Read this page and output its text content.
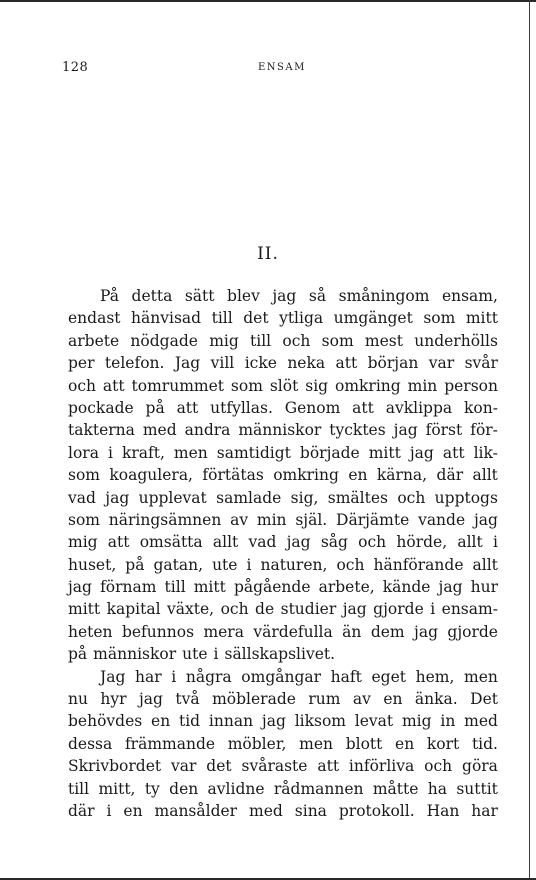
128	ENSAM
II.
På detta sätt blev jag så småningom ensam,
endast hänvisad till det ytliga umgänget som mitt
arbete nödgade mig till och som mest underhölls
per telefon. Jag vill icke neka att början var svår
och att tomrummet som slöt sig omkring min person
pockade på att utfyllas. Genom att avklippa kon-
takterna med andra människor tycktes jag först för-
lora i kraft, men samtidigt började mitt jag att lik-
som koagulera, förtätas omkring en kärna, där allt
vad jag upplevat samlade sig, smältes och upptogs
som näringsämnen av min själ. Därjämte vande jag
mig att omsätta allt vad jag såg och hörde, allt i
huset, på gatan, ute i naturen, och hänförande allt
jag förnam till mitt pågående arbete, kände jag hur
mitt kapital växte, och de studier jag gjorde i ensam-
heten befunnos mera värdefulla än dem jag gjorde
på människor ute i sällskapslivet.
Jag har i några omgångar haft eget hem, men
nu hyr jag två möblerade rum av en änka. Det
behövdes en tid innan jag liksom levat mig in med
dessa främmande möbler, men blott en kort tid.
Skrivbordet var det svåraste att införliva och göra
till mitt, ty den avlidne rådmannen måtte ha suttit
där i en mansålder med sina protokoll. Han har
